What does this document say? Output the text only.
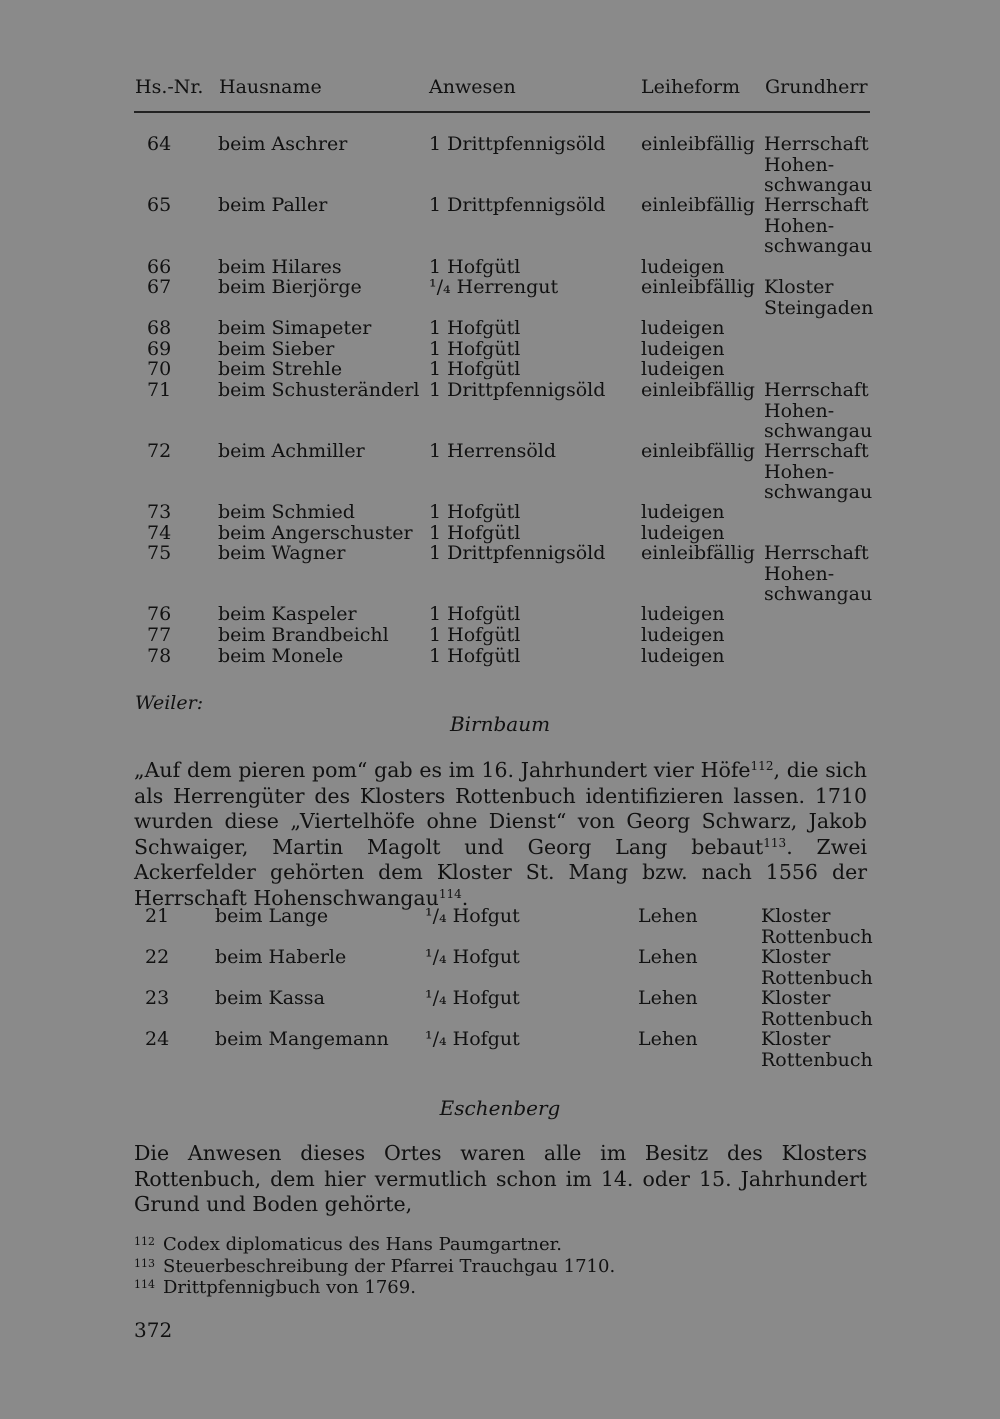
Hs.-Nr. Hausname	Anwesen	Leiheform Grundherr
64 beim Aschrer	1 Drittpfennigsöld einleibfällig Herrschaft
Hohen-
schwangau
65 beim Paller	1 Drittpfennigsöld einleibfällig Herrschaft
Hohen-
schwangau
66 beim Hilares	1 Hofgütl	ludeigen
67 beim Bierjörge	¹/₄ Herrengut	einleibfällig Kloster
Steingaden
68 beim Simapeter	1 Hofgütl	ludeigen
69 beim Sieber	1 Hofgütl	ludeigen
70 beim Strehle	1 Hofgütl	ludeigen
71 beim Schusteränderl 1 Drittpfennigsöld einleibfällig Herrschaft
Hohen-
schwangau
72 beim Achmiller	1 Herrensöld	einleibfällig Herrschaft
Hohen-
schwangau
73 beim Schmied	1 Hofgütl	ludeigen
74 beim Angerschuster 1 Hofgütl	ludeigen
75 beim Wagner	1 Drittpfennigsöld einleibfällig Herrschaft
Hohen-
schwangau
76 beim Kaspeler	1 Hofgütl	ludeigen
77 beim Brandbeichl 1 Hofgütl	ludeigen
78 beim Monele	1 Hofgütl	ludeigen
Weiler:
Birnbaum
„Auf dem pieren pom“ gab es im 16. Jahrhundert vier Höfe$^{112}$, die sich als Herrengüter des Klosters Rottenbuch identifizieren lassen. 1710 wurden diese „Viertelhöfe ohne Dienst“ von Georg Schwarz, Jakob Schwaiger, Martin Magolt und Georg Lang bebaut$^{113}$. Zwei Ackerfelder gehörten dem Kloster St. Mang bzw. nach 1556 der Herrschaft Hohenschwangau$^{114}$.
21 beim Lange	¹/₄ Hofgut	Lehen	Kloster
Rottenbuch
22 beim Haberle	¹/₄ Hofgut	Lehen	Kloster
Rottenbuch
23 beim Kassa	¹/₄ Hofgut	Lehen	Kloster
Rottenbuch
24 beim Mangemann ¹/₄ Hofgut	Lehen	Kloster
Rottenbuch
Eschenberg
Die Anwesen dieses Ortes waren alle im Besitz des Klosters Rottenbuch, dem hier vermutlich schon im 14. oder 15. Jahrhundert Grund und Boden gehörte,
$^{112}$ Codex diplomaticus des Hans Paumgartner.
$^{113}$ Steuerbeschreibung der Pfarrei Trauchgau 1710.
$^{114}$ Drittpfennigbuch von 1769.
372
